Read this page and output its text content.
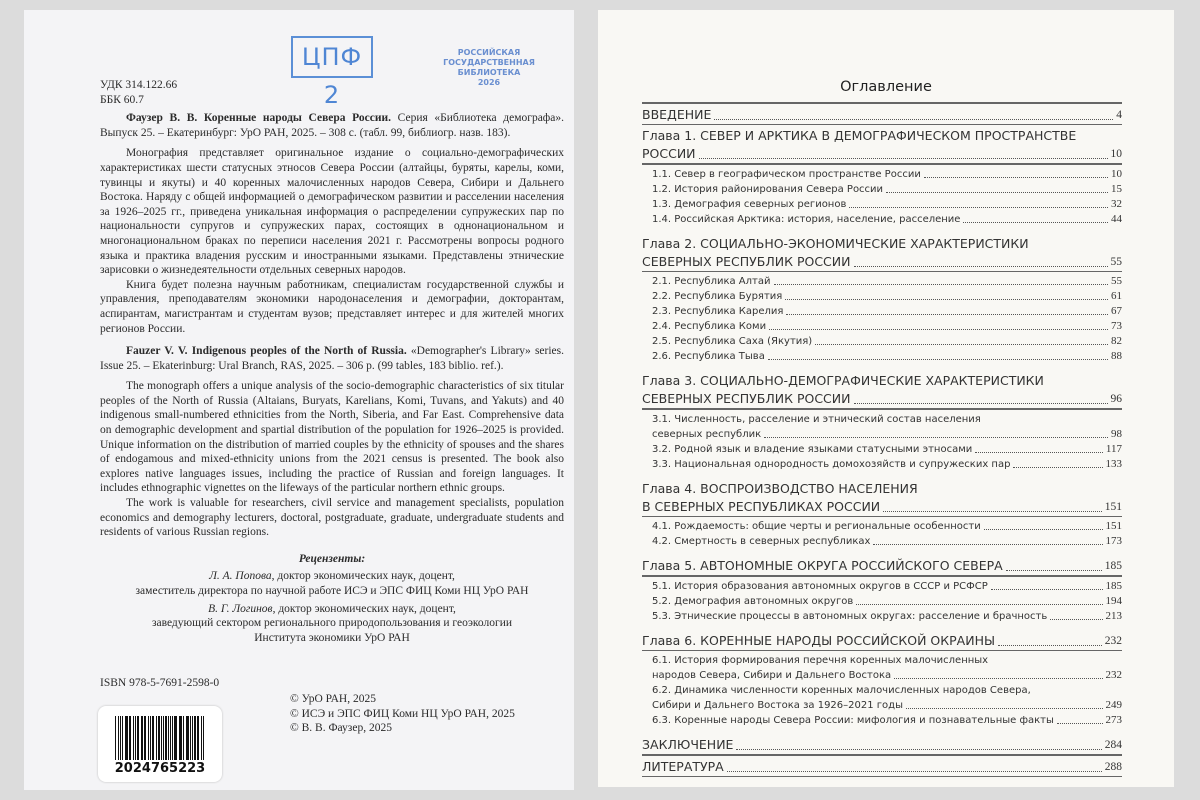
ЦПФ 2
РОССИЙСКАЯ
ГОСУДАРСТВЕННАЯ
БИБЛИОТЕКА
2026
УДК 314.122.66
ББК 60.7

Фаузер В. В. Коренные народы Севера России. Серия «Библиотека демографа». Выпуск 25. – Екатеринбург: УрО РАН, 2025. – 308 с. (табл. 99, библиогр. назв. 183).

Монография представляет оригинальное издание о социально-демографических характеристиках шести статусных этносов Севера России (алтайцы, буряты, карелы, коми, тувинцы и якуты) и 40 коренных малочисленных народов Севера, Сибири и Дальнего Востока. Наряду с общей информацией о демографическом развитии и расселении населения за 1926–2025 гг., приведена уникальная информация о распределении супружеских пар по национальности супругов и супружеских парах, состоящих в однонациональном и многонациональном браках по переписи населения 2021 г. Рассмотрены вопросы родного языка и практика владения русским и иностранными языками. Представлены этнические зарисовки о жизнедеятельности отдельных северных народов.

Книга будет полезна научным работникам, специалистам государственной службы и управления, преподавателям экономики народонаселения и демографии, докторантам, аспирантам, магистрантам и студентам вузов; представляет интерес и для жителей многих регионов России.

Fauzer V. V. Indigenous peoples of the North of Russia. «Demographer's Library» series. Issue 25. – Ekaterinburg: Ural Branch, RAS, 2025. – 306 p. (99 tables, 183 biblio. ref.).

The monograph offers a unique analysis of the socio-demographic characteristics of six titular peoples of the North of Russia (Altaians, Buryats, Karelians, Komi, Tuvans, and Yakuts) and 40 indigenous small-numbered ethnicities from the North, Siberia, and Far East. Comprehensive data on demographic development and spartial distribution of the population for 1926–2025 is provided. Unique information on the distribution of married couples by the ethnicity of spouses and the shares of endogamous and mixed-ethnicity unions from the 2021 census is presented. The book also explores native languages issues, including the practice of Russian and foreign languages. It includes ethnographic vignettes on the lifeways of the particular northern ethnic groups.

The work is valuable for researchers, civil service and management specialists, population economics and demography lecturers, doctoral, postgraduate, graduate, undergraduate students and residents of various Russian regions.

Рецензенты:
Л. А. Попова, доктор экономических наук, доцент,
заместитель директора по научной работе ИСЭ и ЭПС ФИЦ Коми НЦ УрО РАН
В. Г. Логинов, доктор экономических наук, доцент,
заведующий сектором регионального природопользования и геоэкологии
Института экономики УрО РАН
ISBN 978-5-7691-2598-0
2024765223
© УрО РАН, 2025
© ИСЭ и ЭПС ФИЦ Коми НЦ УрО РАН, 2025
© В. В. Фаузер, 2025
Оглавление
ВВЕДЕНИЕ	4
Глава 1. СЕВЕР И АРКТИКА В ДЕМОГРАФИЧЕСКОМ ПРОСТРАНСТВЕ
РОССИИ	10
1.1. Север в географическом пространстве России	10
1.2. История районирования Севера России	15
1.3. Демография северных регионов	32
1.4. Российская Арктика: история, население, расселение	44
Глава 2. СОЦИАЛЬНО-ЭКОНОМИЧЕСКИЕ ХАРАКТЕРИСТИКИ
СЕВЕРНЫХ РЕСПУБЛИК РОССИИ	55
2.1. Республика Алтай	55
2.2. Республика Бурятия	61
2.3. Республика Карелия	67
2.4. Республика Коми	73
2.5. Республика Саха (Якутия)	82
2.6. Республика Тыва	88
Глава 3. СОЦИАЛЬНО-ДЕМОГРАФИЧЕСКИЕ ХАРАКТЕРИСТИКИ
СЕВЕРНЫХ РЕСПУБЛИК РОССИИ	96
3.1. Численность, расселение и этнический состав населения
северных республик	98
3.2. Родной язык и владение языками статусными этносами	117
3.3. Национальная однородность домохозяйств и супружеских пар	133
Глава 4. ВОСПРОИЗВОДСТВО НАСЕЛЕНИЯ
В СЕВЕРНЫХ РЕСПУБЛИКАХ РОССИИ	151
4.1. Рождаемость: общие черты и региональные особенности	151
4.2. Смертность в северных республиках	173
Глава 5. АВТОНОМНЫЕ ОКРУГА РОССИЙСКОГО СЕВЕРА	185
5.1. История образования автономных округов в СССР и РСФСР	185
5.2. Демография автономных округов	194
5.3. Этнические процессы в автономных округах: расселение и брачность	213
Глава 6. КОРЕННЫЕ НАРОДЫ РОССИЙСКОЙ ОКРАИНЫ	232
6.1. История формирования перечня коренных малочисленных
народов Севера, Сибири и Дальнего Востока	232
6.2. Динамика численности коренных малочисленных народов Севера,
Сибири и Дальнего Востока за 1926–2021 годы	249
6.3. Коренные народы Севера России: мифология и познавательные факты	273
ЗАКЛЮЧЕНИЕ	284
ЛИТЕРАТУРА	288
